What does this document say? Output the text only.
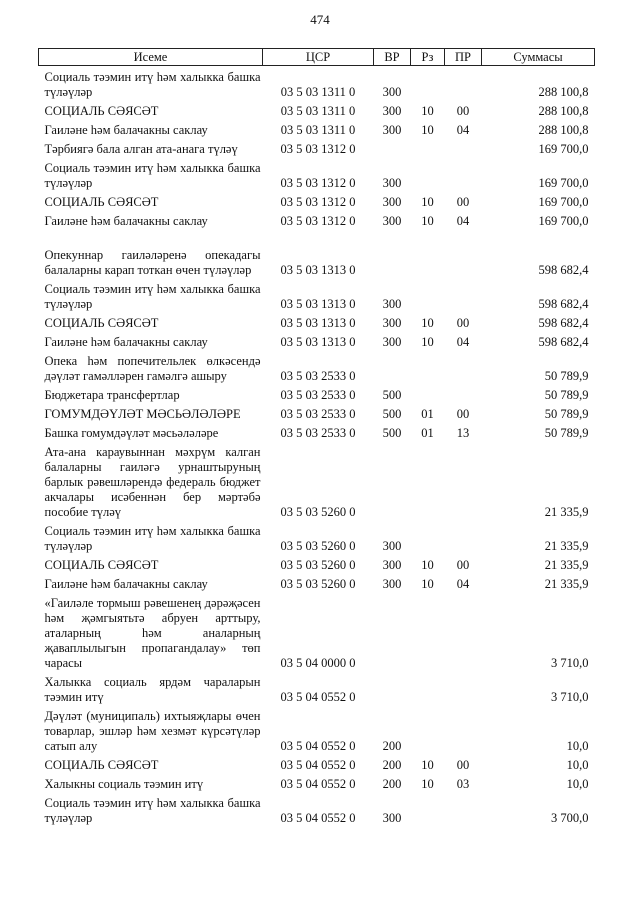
474
Исеме	ЦСР	ВР	Рз	ПР	Суммасы
Социаль тәэмин итү һәм халыкка башка түләүләр	03 5 03 1311 0	300			288 100,8
СОЦИАЛЬ СӘЯСӘТ	03 5 03 1311 0	300	10	00	288 100,8
Гаиләне һәм балачакны саклау	03 5 03 1311 0	300	10	04	288 100,8
Тәрбиягә бала алган ата-анага түләү	03 5 03 1312 0				169 700,0
Социаль тәэмин итү һәм халыкка башка түләүләр	03 5 03 1312 0	300			169 700,0
СОЦИАЛЬ СӘЯСӘТ	03 5 03 1312 0	300	10	00	169 700,0
Гаиләне һәм балачакны саклау	03 5 03 1312 0	300	10	04	169 700,0
Опекуннар гаиләләренә опекадагы балаларны карап тоткан өчен түләүләр	03 5 03 1313 0				598 682,4
Социаль тәэмин итү һәм халыкка башка түләүләр	03 5 03 1313 0	300			598 682,4
СОЦИАЛЬ СӘЯСӘТ	03 5 03 1313 0	300	10	00	598 682,4
Гаиләне һәм балачакны саклау	03 5 03 1313 0	300	10	04	598 682,4
Опека һәм попечительлек өлкәсендә дәүләт гамәлләрен гамәлгә ашыру	03 5 03 2533 0				50 789,9
Бюджетара трансфертлар	03 5 03 2533 0	500			50 789,9
ГОМУМДӘҮЛӘТ МӘСЬӘЛӘЛӘРЕ	03 5 03 2533 0	500	01	00	50 789,9
Башка гомумдәүләт мәсьәләләре	03 5 03 2533 0	500	01	13	50 789,9
Ата-ана караувыннан мәхрүм калган балаларны гаиләгә урнаштыруның барлык рәвешләрендә федераль бюджет акчалары исәбеннән бер мәртәбә пособие түләү	03 5 03 5260 0				21 335,9
Социаль тәэмин итү һәм халыкка башка түләүләр	03 5 03 5260 0	300			21 335,9
СОЦИАЛЬ СӘЯСӘТ	03 5 03 5260 0	300	10	00	21 335,9
Гаиләне һәм балачакны саклау	03 5 03 5260 0	300	10	04	21 335,9
«Гаиләле тормыш рәвешенең дәрәҗәсен һәм җәмгыятьтә абруен арттыру, аталарның һәм аналарның җаваплылыгын пропагандалау» төп чарасы	03 5 04 0000 0				3 710,0
Халыкка социаль ярдәм чараларын тәэмин итү	03 5 04 0552 0				3 710,0
Дәүләт (муниципаль) ихтыяҗлары өчен товарлар, эшләр һәм хезмәт күрсәтүләр сатып алу	03 5 04 0552 0	200			10,0
СОЦИАЛЬ СӘЯСӘТ	03 5 04 0552 0	200	10	00	10,0
Халыкны социаль тәэмин итү	03 5 04 0552 0	200	10	03	10,0
Социаль тәэмин итү һәм халыкка башка түләүләр	03 5 04 0552 0	300			3 700,0
